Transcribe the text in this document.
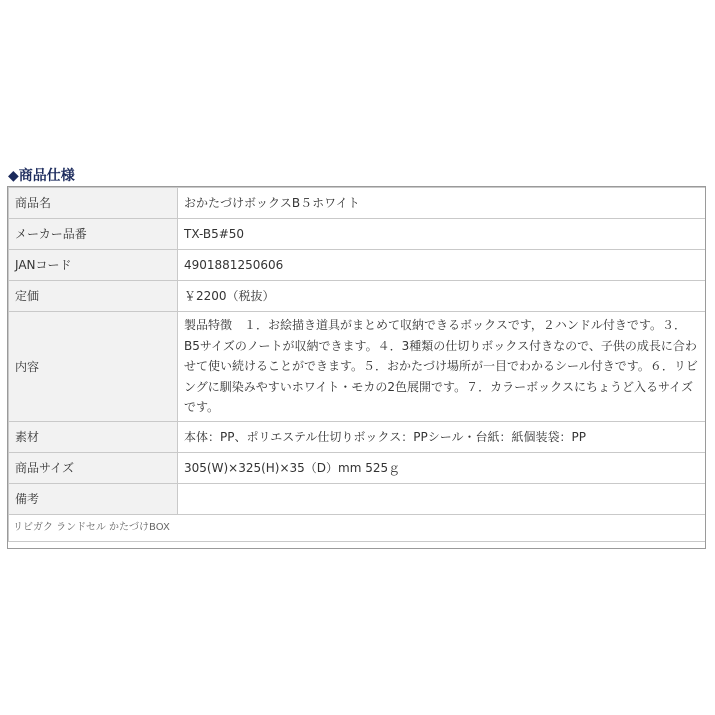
◆商品仕様
商品名	おかたづけボックスB５ホワイト
メーカー品番	TX-B5#50
JANコード	4901881250606
定価	￥2200（税抜）
内容	製品特徴　１．お絵描き道具がまとめて収納できるボックスです，２ハンドル付きです。３．B5サイズのノートが収納できます。４．3種類の仕切りボックス付きなので、子供の成長に合わせて使い続けることができます。５．おかたづけ場所が一目でわかるシール付きです。６．リビングに馴染みやすいホワイト・モカの2色展開です。７．カラーボックスにちょうど入るサイズです。
素材	本体：PP、ポリエステル仕切りボックス：PPシール・台紙：紙個装袋：PP
商品サイズ	305(W)×325(H)×35（D）mm 525ｇ
備考	
リビガク ランドセル かたづけBOX	
